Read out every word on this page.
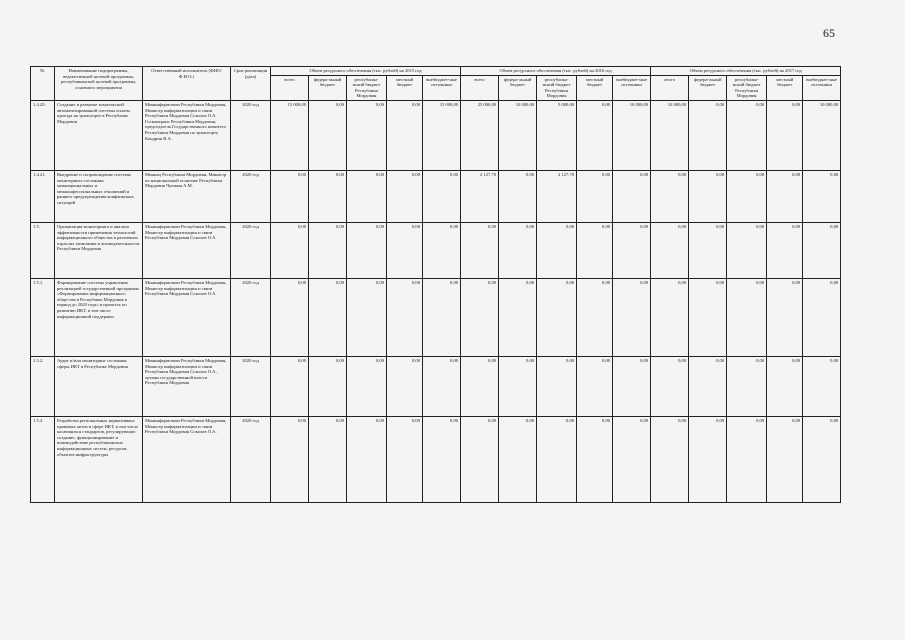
65
№	Наименование подпрограммы, ведомственной целевой программы, республиканской целевой программы, основного мероприятия	Ответственный исполнитель (ФИО/Ф.И.О.)	Срок реализации (дата)	Объем ресурсного обеспечения (тыс. рублей) на 2015 год					Объем ресурсного обеспечения (тыс. рублей) на 2016 год					Объем ресурсного обеспечения (тыс. рублей) на 2017 год				
				всего	федера-льный бюджет	республика-нский бюджет Республики Мордовия	местный бюджет	внебюджет-ные источники	всего	федера-льный бюджет	республика-нский бюджет Республики Мордовия	местный бюджет	внебюджет-ные источники	итого	федера-льный бюджет	республика-нский бюджет Республики Мордовия	местный бюджет	внебюджет-ные источники
1.4.20.	Создание и развитие комплексной автоматизированной системы оплаты проезда на транспорте в Республике Мордовия	Мининформсвязи Республики Мордовия, Министр информатизации и связи Республики Мордовия Соколов О.А. Госкомтранс Республики Мордовия, председатель Государственного комитета Республики Мордовия по транспорту Кондрин В.А.	2020 год	15 000,00	0,00	0,00	0,00	15 000,00	25 000,00	10 000,00	5 000,00	0,00	10 000,00	10 000,00	0,00	0,00	0,00	10 000,00
1.4.21.	Внедрение и сопровождение системы мониторинга состояния межнациональных и межконфессиональных отношений и раннего предупреждения конфликтных ситуаций	Миннац Республики Мордовия, Министр по национальной политике Республики Мордовия Чушкин А.М.	2020 год	0,00	0,00	0,00	0,00	0,00	2 127,70	0,00	2 127,70	0,00	0,00	0,00	0,00	0,00	0,00	0,00
1.5.	Организация мониторинга и анализа эффективности применения технологий информационного общества в различных отраслях экономики и жизнедеятельности Республики Мордовия	Мининформсвязи Республики Мордовия, Министр информатизации и связи Республики Мордовия Соколов О.А.	2020 год	0,00	0,00	0,00	0,00	0,00	0,00	0,00	0,00	0,00	0,00	0,00	0,00	0,00	0,00	0,00
1.5.1.	Формирование системы управления реализацией государственной программы «Формирование информационного общества в Республике Мордовия в период до 2020 года» в проектах по развитию ИКТ, в том числе информационной поддержки	Мининформсвязи Республики Мордовия, Министр информатизации и связи Республики Мордовия Соколов О.А.	2020 год	0,00	0,00	0,00	0,00	0,00	0,00	0,00	0,00	0,00	0,00	0,00	0,00	0,00	0,00	0,00
1.5.2.	Аудит и/или мониторинг состояния сферы ИКТ в Республике Мордовия	Мининформсвязи Республики Мордовия, Министр информатизации и связи Республики Мордовия Соколов О.А., органы государственной власти Республики Мордовия	2020 год	0,00	0,00	0,00	0,00	0,00	0,00	0,00	0,00	0,00	0,00	0,00	0,00	0,00	0,00	0,00
1.5.3.	Разработка региональных нормативных правовых актов в сфере ИКТ, в том числе касающихся стандартов, регулирующих создание, функционирование и взаимодействие республиканских информационных систем, ресурсов, объектов инфраструктуры	Мининформсвязи Республики Мордовия, Министр информатизации и связи Республики Мордовия Соколов О.А.	2020 год	0,00	0,00	0,00	0,00	0,00	0,00	0,00	0,00	0,00	0,00	0,00	0,00	0,00	0,00	0,00
